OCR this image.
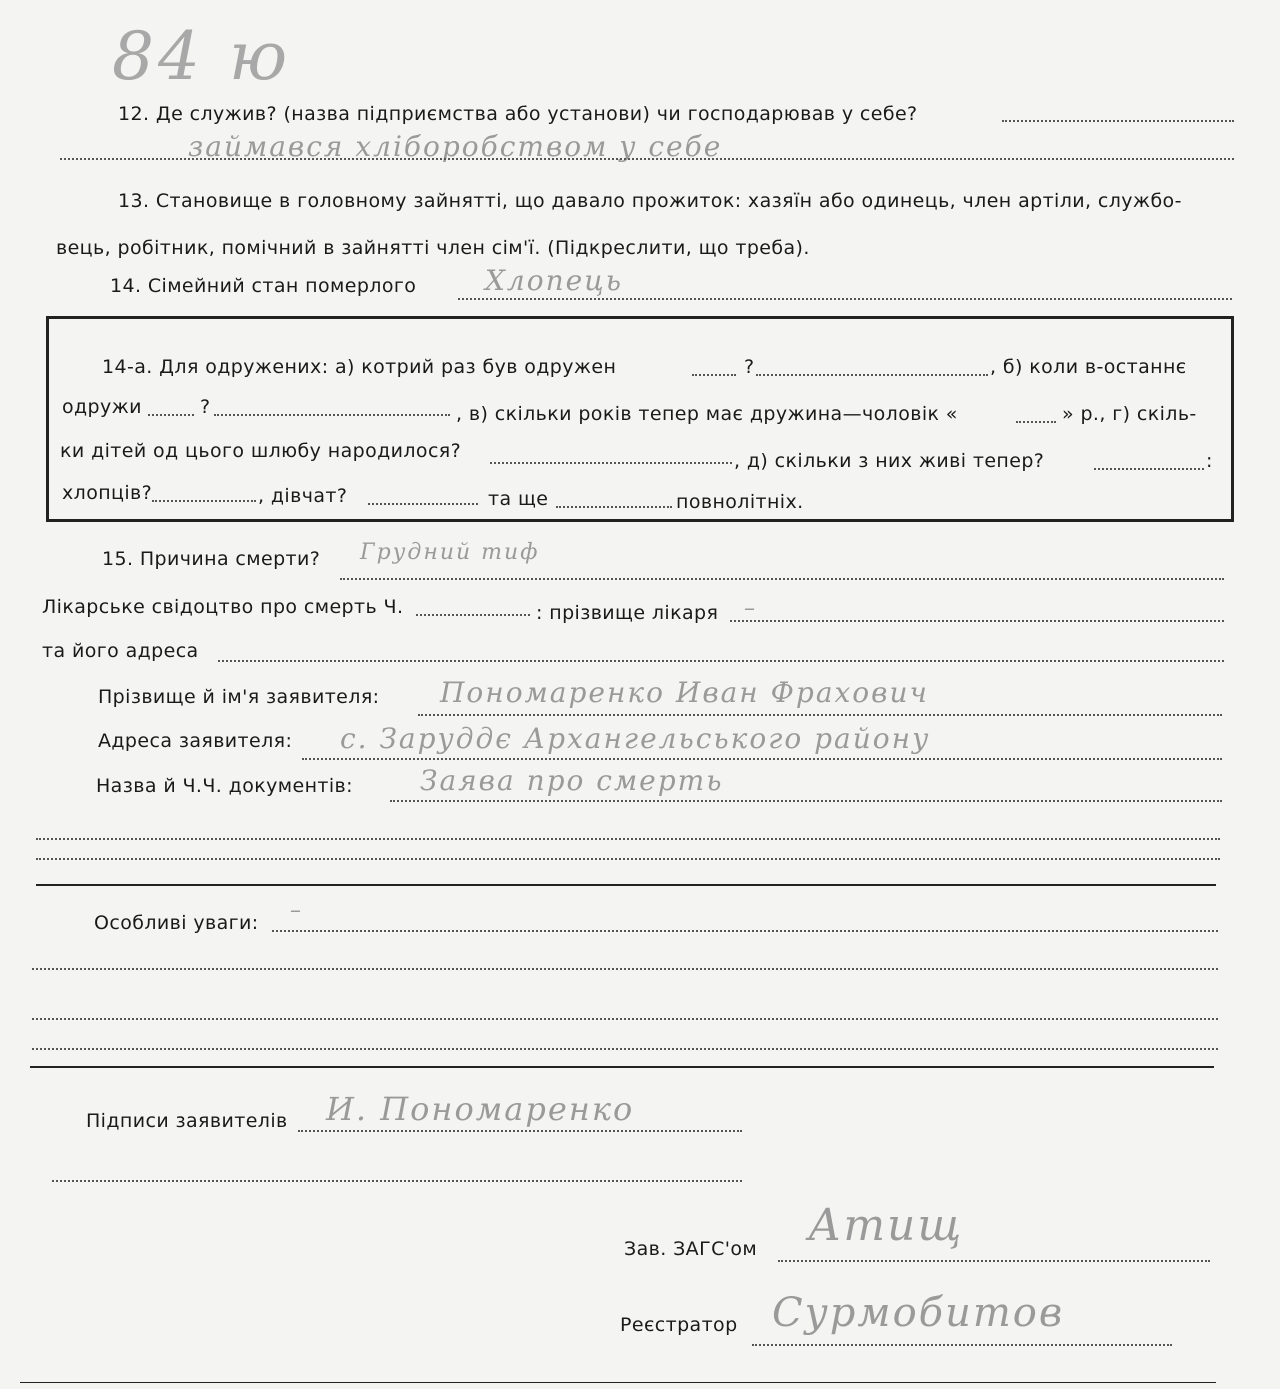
84 ю
12. Де служив? (назва підприємства або установи) чи господарював у себе?
займався хліборобством у себе
13. Становище в головному зайнятті, що давало прожиток: хазяїн або одинець, член артіли, службо-
вець, робітник, помічний в зайнятті член сім'ї. (Підкреслити, що треба).
14. Сімейний стан померлого Хлопець
14-а. Для одружених: а) котрий раз був одружен	?	, б) коли в-останнє
одружи	?	, в) скільки років тепер має дружина—чоловік «	» р., г) скіль-
ки дітей од цього шлюбу народилося?	, д) скільки з них живі тепер?	:
хлопців?	, дівчат?	та ще	повнолітніх.
15. Причина смерти? Грудний тиф
Лікарське свідоцтво про смерть Ч.	: прізвище лікаря –
та його адреса
Прізвище й ім'я заявителя: Пономаренко Иван Фрахович
Адреса заявителя: с. Заруддє Архангельського району
Назва й Ч.Ч. документів: Заява про смерть
Особливі уваги: –
Підписи заявителів И. Пономаренко
Зав. ЗАГС'ом Атищ
Реєстратор Сурмобитов
